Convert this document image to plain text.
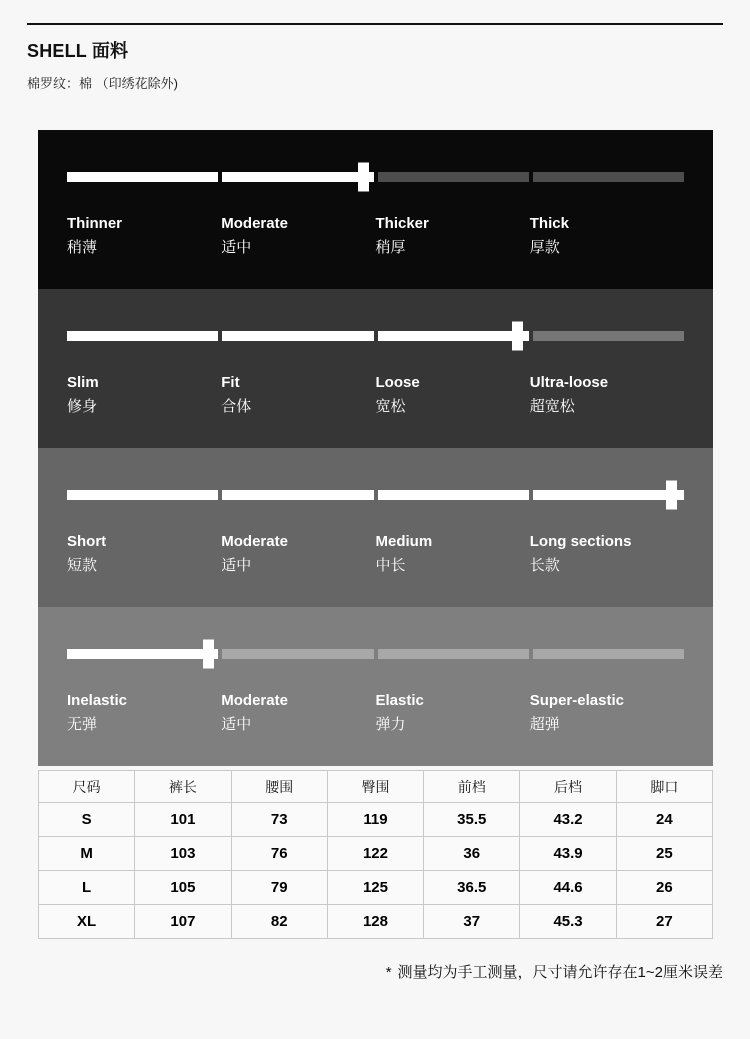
SHELL 面料
棉罗纹：棉 （印绣花除外)
Thinner
稍薄
Moderate
适中
Thicker
稍厚
Thick
厚款
Slim
修身
Fit
合体
Loose
宽松
Ultra-loose
超宽松
Short
短款
Moderate
适中
Medium
中长
Long sections
长款
Inelastic
无弹
Moderate
适中
Elastic
弹力
Super-elastic
超弹
尺码	裤长	腰围	臀围	前档	后档	脚口
S	101	73	119	35.5	43.2	24
M	103	76	122	36	43.9	25
L	105	79	125	36.5	44.6	26
XL	107	82	128	37	45.3	27
* 测量均为手工测量，尺寸请允许存在1~2厘米误差
